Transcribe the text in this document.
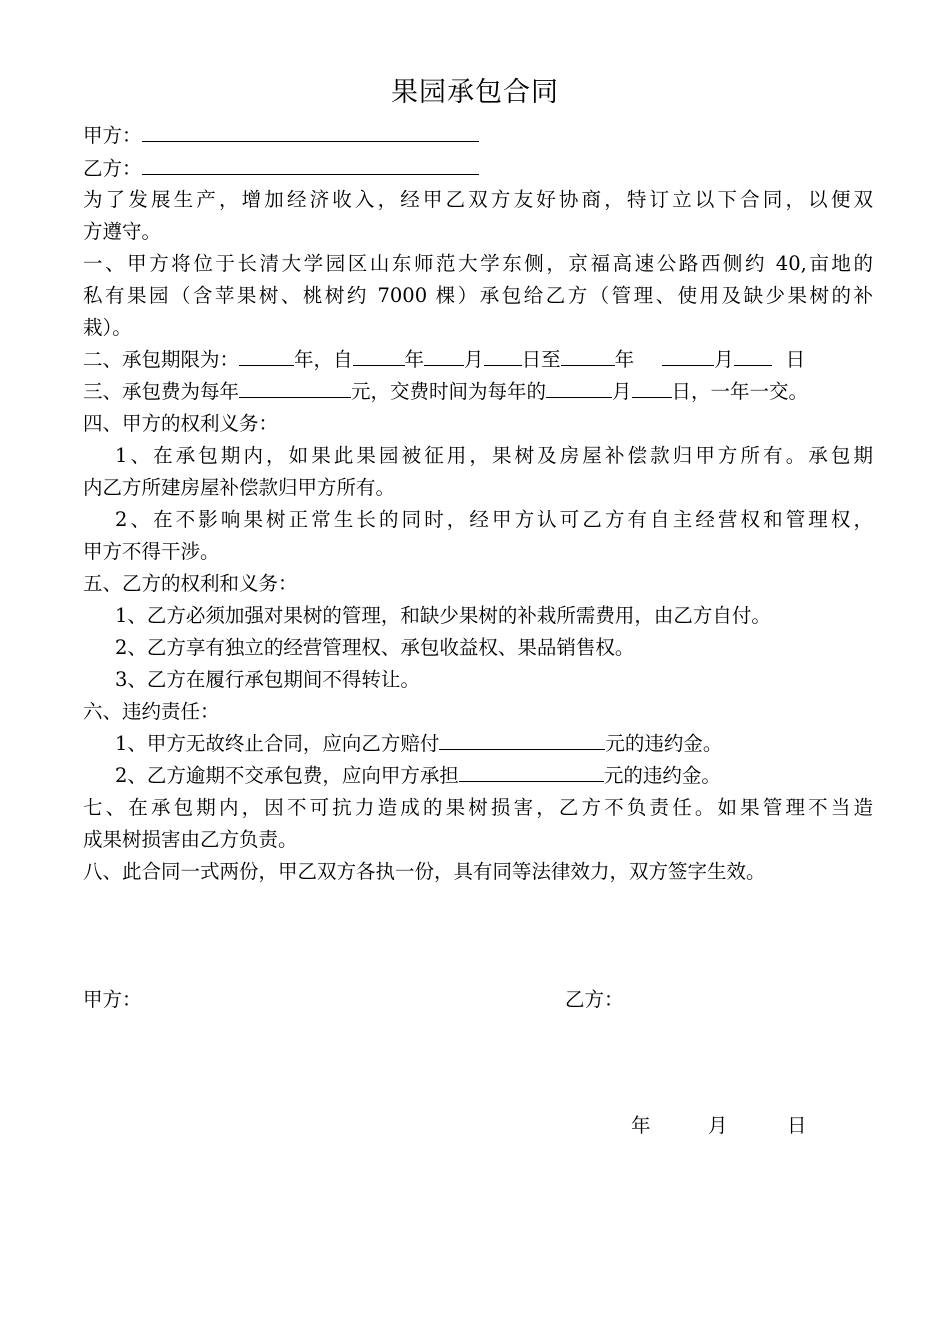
果园承包合同
甲方：
乙方：
为了发展生产，增加经济收入，经甲乙双方友好协商，特订立以下合同，以便双
方遵守。
一、甲方将位于长清大学园区山东师范大学东侧，京福高速公路西侧约 40,亩地的
私有果园（含苹果树、桃树约 7000 棵）承包给乙方（管理、使用及缺少果树的补
栽）。
二、承包期限为：	年，自	年 月 日至	年	月	日
三、承包费为每年	元，交费时间为每年的	月 日，一年一交。
四、甲方的权利义务：
1、在承包期内，如果此果园被征用，果树及房屋补偿款归甲方所有。承包期
内乙方所建房屋补偿款归甲方所有。
2、在不影响果树正常生长的同时，经甲方认可乙方有自主经营权和管理权，
甲方不得干涉。
五、乙方的权利和义务：
1、乙方必须加强对果树的管理，和缺少果树的补栽所需费用，由乙方自付。
2、乙方享有独立的经营管理权、承包收益权、果品销售权。
3、乙方在履行承包期间不得转让。
六、违约责任：
1、甲方无故终止合同，应向乙方赔付	元的违约金。
2、乙方逾期不交承包费，应向甲方承担	元的违约金。
七、在承包期内，因不可抗力造成的果树损害，乙方不负责任。如果管理不当造
成果树损害由乙方负责。
八、此合同一式两份，甲乙双方各执一份，具有同等法律效力，双方签字生效。
甲方：	乙方：
年	月	日
